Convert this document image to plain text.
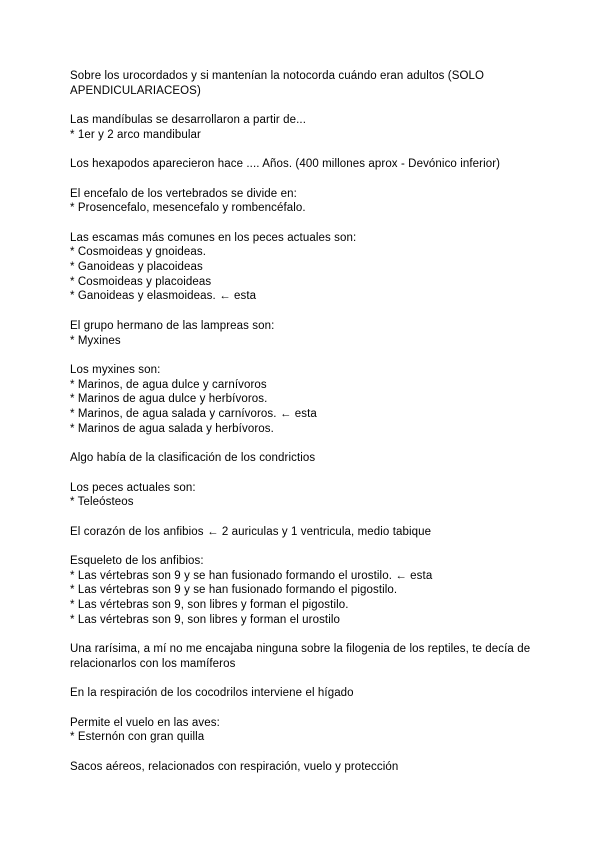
Sobre los urocordados y si mantenían la notocorda cuándo eran adultos (SOLO
APENDICULARIACEOS)
Las mandíbulas se desarrollaron a partir de...
* 1er y 2 arco mandibular
Los hexapodos aparecieron hace .... Años. (400 millones aprox - Devónico inferior)
El encefalo de los vertebrados se divide en:
* Prosencefalo, mesencefalo y rombencéfalo.
Las escamas más comunes en los peces actuales son:
* Cosmoideas y gnoideas.
* Ganoideas y placoideas
* Cosmoideas y placoideas
* Ganoideas y elasmoideas. ← esta
El grupo hermano de las lampreas son:
* Myxines
Los myxines son:
* Marinos, de agua dulce y carnívoros
* Marinos de agua dulce y herbívoros.
* Marinos, de agua salada y carnívoros. ← esta
* Marinos de agua salada y herbívoros.
Algo había de la clasificación de los condrictios
Los peces actuales son:
* Teleósteos
El corazón de los anfibios ← 2 auriculas y 1 ventricula, medio tabique
Esqueleto de los anfibios:
* Las vértebras son 9 y se han fusionado formando el urostilo. ← esta
* Las vértebras son 9 y se han fusionado formando el pigostilo.
* Las vértebras son 9, son libres y forman el pigostilo.
* Las vértebras son 9, son libres y forman el urostilo
Una rarísima, a mí no me encajaba ninguna sobre la filogenia de los reptiles, te decía de
relacionarlos con los mamíferos
En la respiración de los cocodrilos interviene el hígado
Permite el vuelo en las aves:
* Esternón con gran quilla
Sacos aéreos, relacionados con respiración, vuelo y protección
